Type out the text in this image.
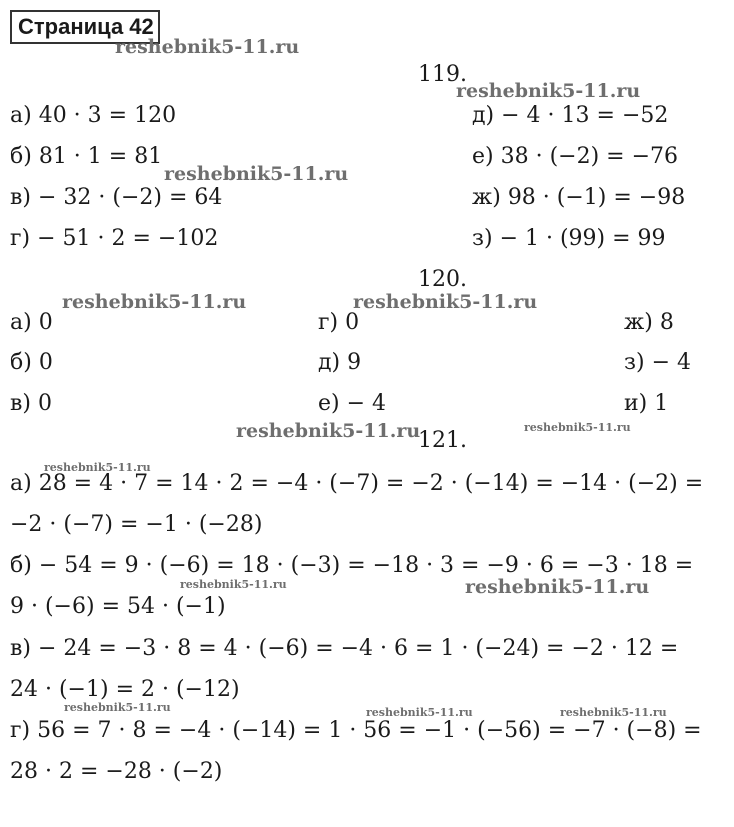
Страница 42
119.
а) 40 · 3 = 120
б) 81 · 1 = 81
в) − 32 · (−2) = 64
г) − 51 · 2 = −102
д) − 4 · 13 = −52
е) 38 · (−2) = −76
ж) 98 · (−1) = −98
з) − 1 · (99) = 99
120.
а) 0
б) 0
в) 0
г) 0
д) 9
е) − 4
ж) 8
з) − 4
и) 1
121.
а) 28 = 4 · 7 = 14 · 2 = −4 · (−7) = −2 · (−14) = −14 · (−2) =
−2 · (−7) = −1 · (−28)
б) − 54 = 9 · (−6) = 18 · (−3) = −18 · 3 = −9 · 6 = −3 · 18 =
9 · (−6) = 54 · (−1)
в) − 24 = −3 · 8 = 4 · (−6) = −4 · 6 = 1 · (−24) = −2 · 12 =
24 · (−1) = 2 · (−12)
г) 56 = 7 · 8 = −4 · (−14) = 1 · 56 = −1 · (−56) = −7 · (−8) =
28 · 2 = −28 · (−2)
reshebnik5-11.ru
reshebnik5-11.ru
reshebnik5-11.ru
reshebnik5-11.ru	reshebnik5-11.ru
reshebnik5-11.ru	reshebnik5-11.ru
reshebnik5-11.ru
reshebnik5-11.ru	reshebnik5-11.ru
reshebnik5-11.ru	reshebnik5-11.ru	reshebnik5-11.ru
